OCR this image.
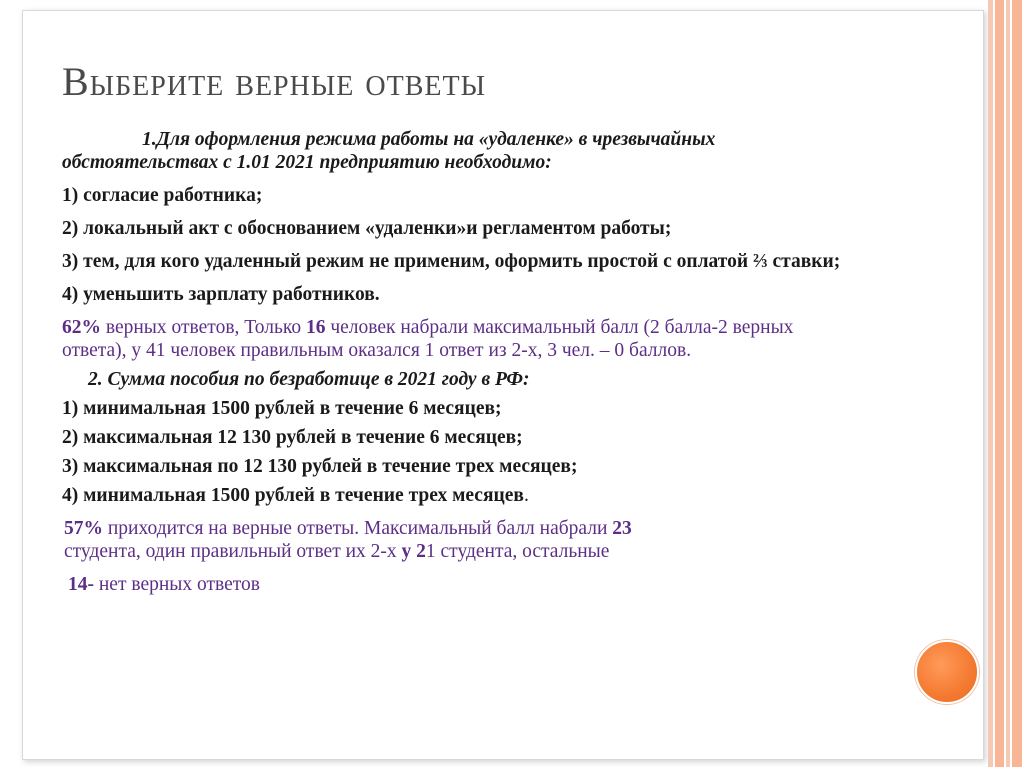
Выберите верные ответы

1.Для оформления режима работы на «удаленке» в чрезвычайных обстоятельствах с 1.01 2021 предприятию необходимо:

1) согласие работника;

2) локальный акт с обоснованием «удаленки»и регламентом работы;

3) тем, для кого удаленный режим не применим, оформить простой с оплатой ⅔ ставки;

4) уменьшить зарплату работников.

62% верных ответов, Только 16 человек набрали максимальный балл (2 балла-2 верных ответа), у 41 человек правильным оказался 1 ответ из 2-х, 3 чел. – 0 баллов.

2. Сумма пособия по безработице в 2021 году в РФ:

1) минимальная 1500 рублей в течение 6 месяцев;

2) максимальная 12 130 рублей в течение 6 месяцев;

3) максимальная по 12 130 рублей в течение трех месяцев;

4) минимальная 1500 рублей в течение трех месяцев.

57% приходится на верные ответы. Максимальный балл набрали 23
студента, один правильный ответ их 2-х у 21 студента, остальные

14- нет верных ответов
